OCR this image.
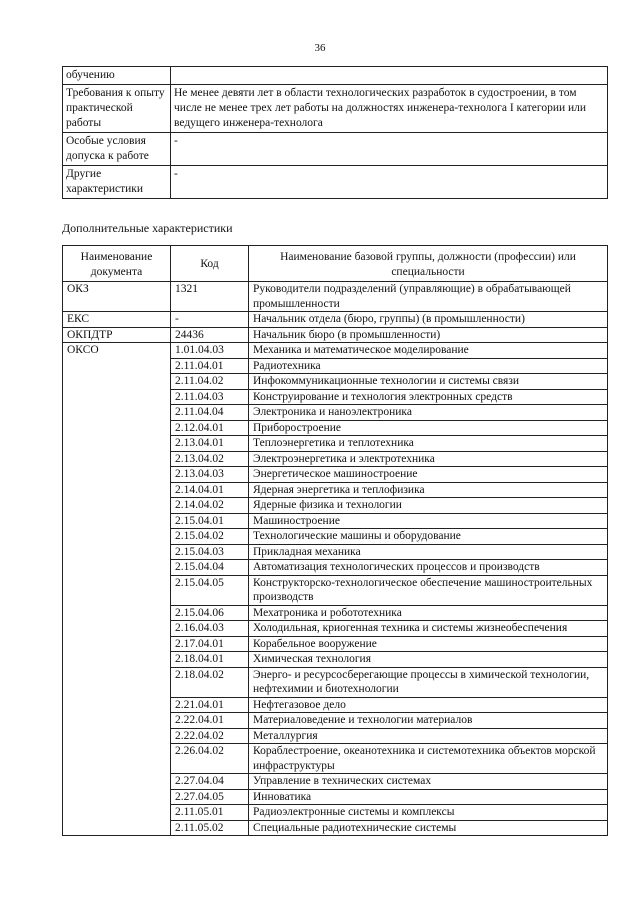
36
обучению	
Требования к опыту практической работы	Не менее девяти лет в области технологических разработок в судостроении, в том числе не менее трех лет работы на должностях инженера-технолога I категории или ведущего инженера-технолога
Особые условия допуска к работе	-
Другие характеристики	-
Дополнительные характеристики
Наименование документа	Код	Наименование базовой группы, должности (профессии) или специальности
ОКЗ	1321	Руководители подразделений (управляющие) в обрабатывающей промышленности
ЕКС	-	Начальник отдела (бюро, группы) (в промышленности)
ОКПДТР	24436	Начальник бюро (в промышленности)
ОКСО	1.01.04.03	Механика и математическое моделирование
	2.11.04.01	Радиотехника
	2.11.04.02	Инфокоммуникационные технологии и системы связи
	2.11.04.03	Конструирование и технология электронных средств
	2.11.04.04	Электроника и наноэлектроника
	2.12.04.01	Приборостроение
	2.13.04.01	Теплоэнергетика и теплотехника
	2.13.04.02	Электроэнергетика и электротехника
	2.13.04.03	Энергетическое машиностроение
	2.14.04.01	Ядерная энергетика и теплофизика
	2.14.04.02	Ядерные физика и технологии
	2.15.04.01	Машиностроение
	2.15.04.02	Технологические машины и оборудование
	2.15.04.03	Прикладная механика
	2.15.04.04	Автоматизация технологических процессов и производств
	2.15.04.05	Конструкторско-технологическое обеспечение машиностроительных производств
	2.15.04.06	Мехатроника и робототехника
	2.16.04.03	Холодильная, криогенная техника и системы жизнеобеспечения
	2.17.04.01	Корабельное вооружение
	2.18.04.01	Химическая технология
	2.18.04.02	Энерго- и ресурсосберегающие процессы в химической технологии, нефтехимии и биотехнологии
	2.21.04.01	Нефтегазовое дело
	2.22.04.01	Материаловедение и технологии материалов
	2.22.04.02	Металлургия
	2.26.04.02	Кораблестроение, океанотехника и системотехника объектов морской инфраструктуры
	2.27.04.04	Управление в технических системах
	2.27.04.05	Инноватика
	2.11.05.01	Радиоэлектронные системы и комплексы
	2.11.05.02	Специальные радиотехнические системы
